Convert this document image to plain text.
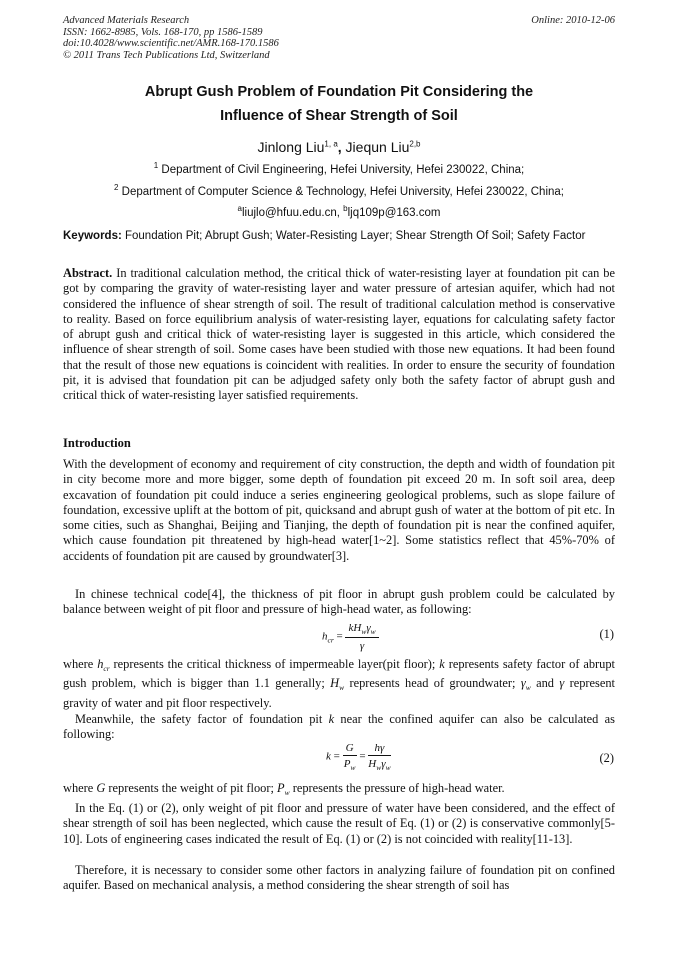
Advanced Materials Research
ISSN: 1662-8985, Vols. 168-170, pp 1586-1589
doi:10.4028/www.scientific.net/AMR.168-170.1586
© 2011 Trans Tech Publications Ltd, Switzerland
Online: 2010-12-06
Abrupt Gush Problem of Foundation Pit Considering the
Influence of Shear Strength of Soil
Jinlong Liu$^{1, a}$, Jiequn Liu$^{2,b}$
$^1$ Department of Civil Engineering, Hefei University, Hefei 230022, China;
$^2$ Department of Computer Science & Technology, Hefei University, Hefei 230022, China;
$^a$liujlo@hfuu.edu.cn, $^b$ljq109p@163.com
Keywords: Foundation Pit; Abrupt Gush; Water-Resisting Layer; Shear Strength Of Soil; Safety Factor
Abstract. In traditional calculation method, the critical thick of water-resisting layer at foundation pit can be got by comparing the gravity of water-resisting layer and water pressure of artesian aquifer, which had not considered the influence of shear strength of soil. The result of traditional calculation method is conservative to reality. Based on force equilibrium analysis of water-resisting layer, equations for calculating safety factor of abrupt gush and critical thick of water-resisting layer is suggested in this article, which considered the influence of shear strength of soil. Some cases have been studied with those new equations. It had been found that the result of those new equations is coincident with realities. In order to ensure the security of foundation pit, it is advised that foundation pit can be adjudged safety only both the safety factor of abrupt gush and critical thick of water-resisting layer satisfied requirements.
Introduction
With the development of economy and requirement of city construction, the depth and width of foundation pit in city become more and more bigger, some depth of foundation pit exceed 20 m. In soft soil area, deep excavation of foundation pit could induce a series engineering geological problems, such as slope failure of foundation, excessive uplift at the bottom of pit, quicksand and abrupt gush of water at the bottom of pit etc. In some cities, such as Shanghai, Beijing and Tianjing, the depth of foundation pit is near the confined aquifer, which cause foundation pit threatened by high-head water[1~2]. Some statistics reflect that 45%-70% of accidents of foundation pit are caused by groundwater[3].
In chinese technical code[4], the thickness of pit floor in abrupt gush problem could be calculated by balance between weight of pit floor and pressure of high-head water, as following:
$h_{cr} = \frac{kH_w\gamma_w}{\gamma}$	(1)
where $h_{cr}$ represents the critical thickness of impermeable layer(pit floor); k represents safety factor of abrupt gush problem, which is bigger than 1.1 generally; $H_w$ represents head of groundwater; $\gamma_w$ and γ represent gravity of water and pit floor respectively.
Meanwhile, the safety factor of foundation pit k near the confined aquifer can also be calculated as following:
$k = \frac{G}{P_w} = \frac{h\gamma}{H_w\gamma_w}$	(2)
where G represents the weight of pit floor; $P_w$ represents the pressure of high-head water.
In the Eq. (1) or (2), only weight of pit floor and pressure of water have been considered, and the effect of shear strength of soil has been neglected, which cause the result of Eq. (1) or (2) is conservative commonly[5-10]. Lots of engineering cases indicated the result of Eq. (1) or (2) is not coincided with reality[11-13].
Therefore, it is necessary to consider some other factors in analyzing failure of foundation pit on confined aquifer. Based on mechanical analysis, a method considering the shear strength of soil has
